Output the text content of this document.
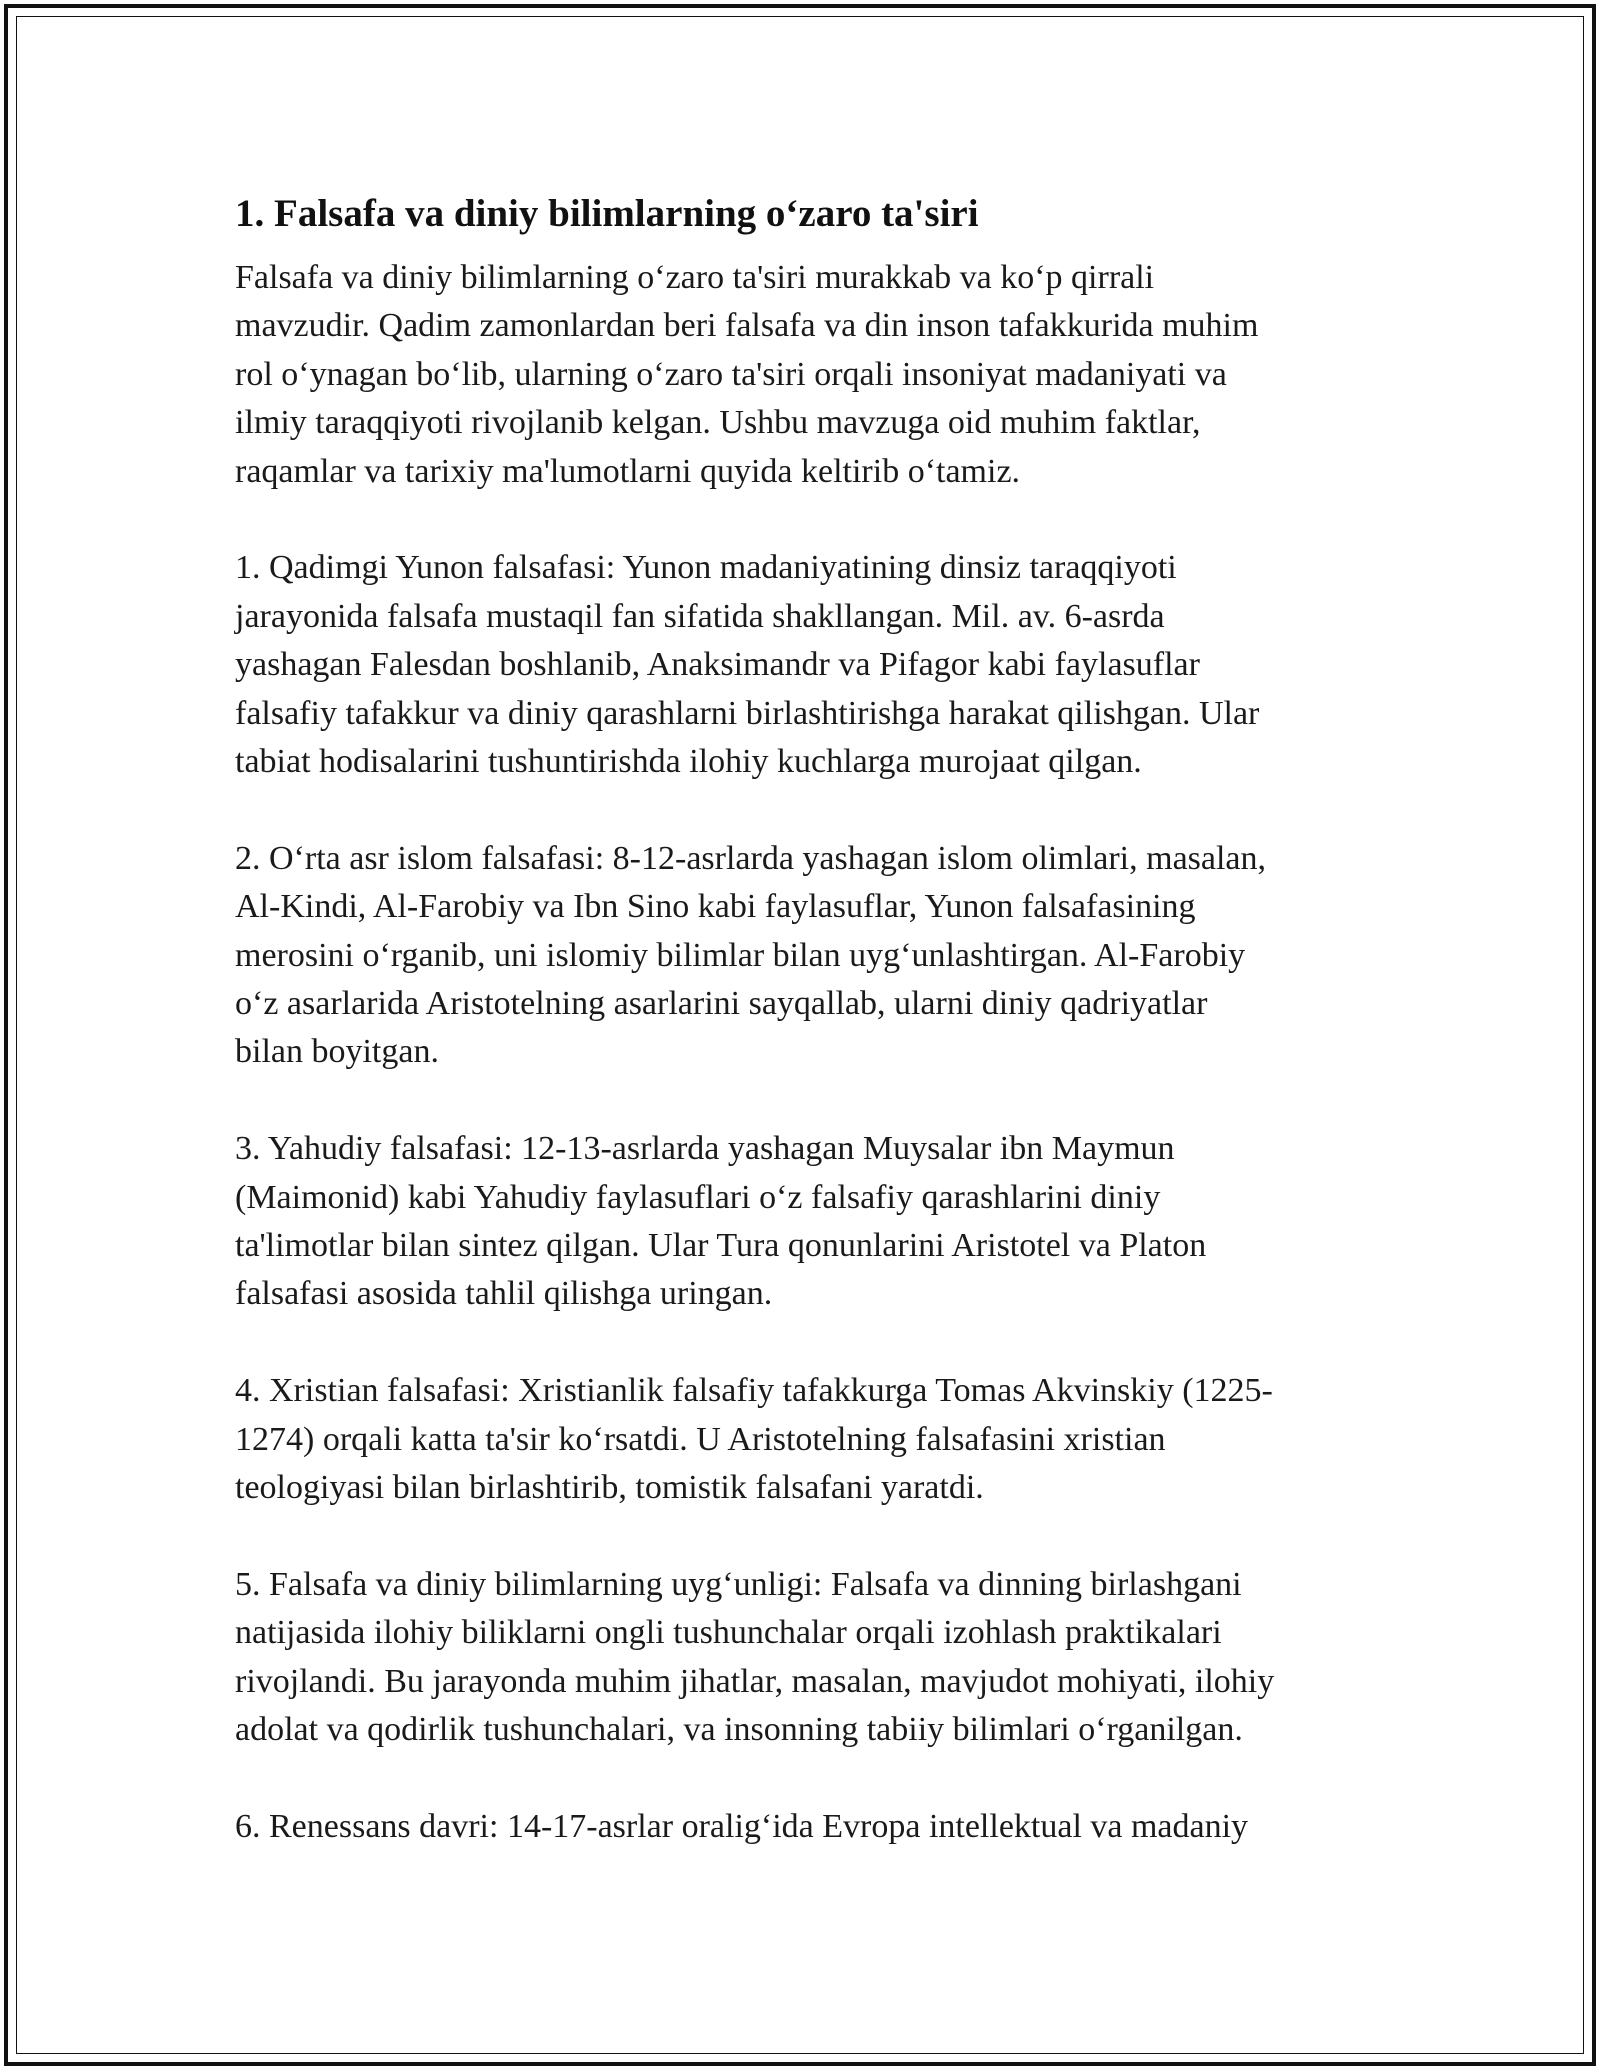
1. Falsafa va diniy bilimlarning o‘zaro ta'siri

Falsafa va diniy bilimlarning o‘zaro ta'siri murakkab va ko‘p qirrali
mavzudir. Qadim zamonlardan beri falsafa va din inson tafakkurida muhim
rol o‘ynagan bo‘lib, ularning o‘zaro ta'siri orqali insoniyat madaniyati va
ilmiy taraqqiyoti rivojlanib kelgan. Ushbu mavzuga oid muhim faktlar,
raqamlar va tarixiy ma'lumotlarni quyida keltirib o‘tamiz.

1. Qadimgi Yunon falsafasi: Yunon madaniyatining dinsiz taraqqiyoti
jarayonida falsafa mustaqil fan sifatida shakllangan. Mil. av. 6-asrda
yashagan Falesdan boshlanib, Anaksimandr va Pifagor kabi faylasuflar
falsafiy tafakkur va diniy qarashlarni birlashtirishga harakat qilishgan. Ular
tabiat hodisalarini tushuntirishda ilohiy kuchlarga murojaat qilgan.

2. O‘rta asr islom falsafasi: 8-12-asrlarda yashagan islom olimlari, masalan,
Al-Kindi, Al-Farobiy va Ibn Sino kabi faylasuflar, Yunon falsafasining
merosini o‘rganib, uni islomiy bilimlar bilan uyg‘unlashtirgan. Al-Farobiy
o‘z asarlarida Aristotelning asarlarini sayqallab, ularni diniy qadriyatlar
bilan boyitgan.

3. Yahudiy falsafasi: 12-13-asrlarda yashagan Muysalar ibn Maymun
(Maimonid) kabi Yahudiy faylasuflari o‘z falsafiy qarashlarini diniy
ta'limotlar bilan sintez qilgan. Ular Tura qonunlarini Aristotel va Platon
falsafasi asosida tahlil qilishga uringan.

4. Xristian falsafasi: Xristianlik falsafiy tafakkurga Tomas Akvinskiy (1225-
1274) orqali katta ta'sir ko‘rsatdi. U Aristotelning falsafasini xristian
teologiyasi bilan birlashtirib, tomistik falsafani yaratdi.

5. Falsafa va diniy bilimlarning uyg‘unligi: Falsafa va dinning birlashgani
natijasida ilohiy biliklarni ongli tushunchalar orqali izohlash praktikalari
rivojlandi. Bu jarayonda muhim jihatlar, masalan, mavjudot mohiyati, ilohiy
adolat va qodirlik tushunchalari, va insonning tabiiy bilimlari o‘rganilgan.

6. Renessans davri: 14-17-asrlar oralig‘ida Evropa intellektual va madaniy
